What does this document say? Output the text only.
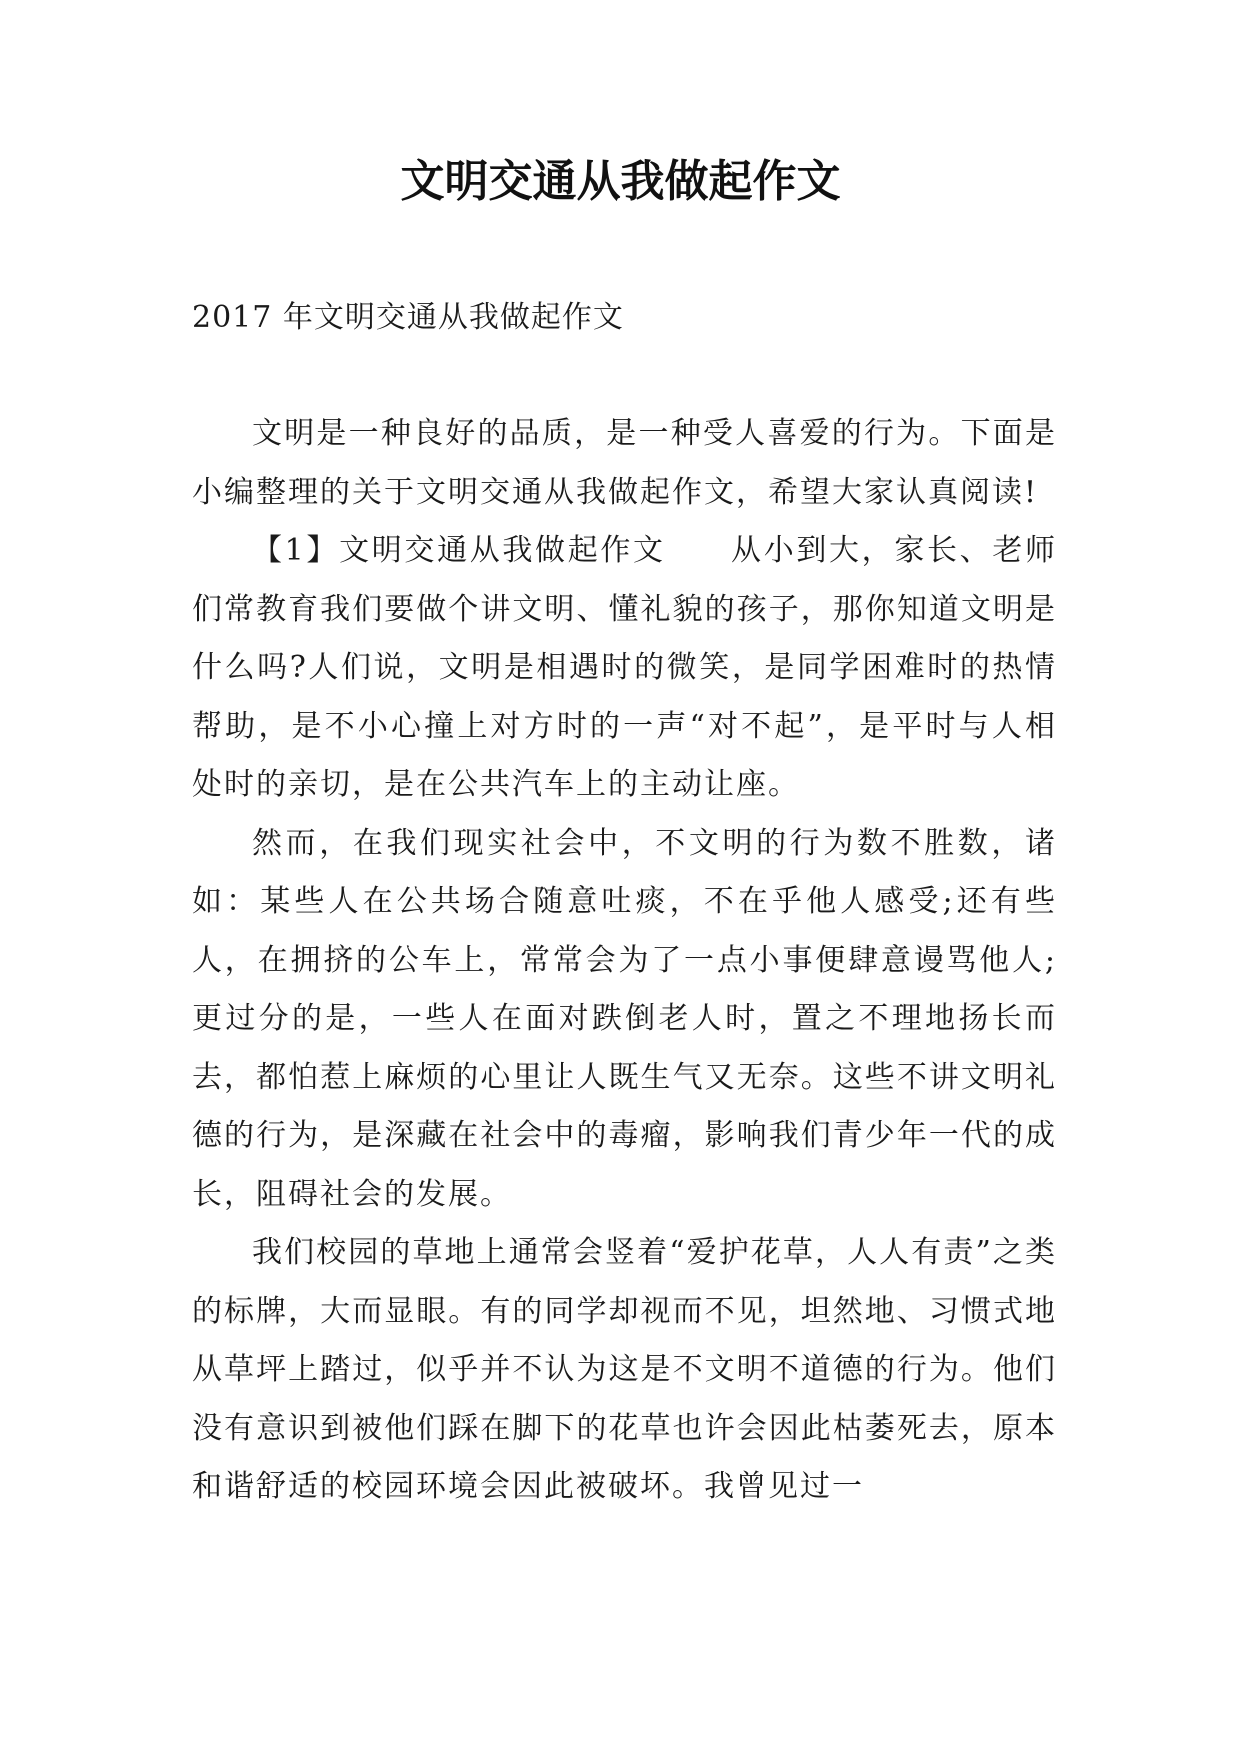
文明交通从我做起作文

2017 年文明交通从我做起作文

文明是一种良好的品质，是一种受人喜爱的行为。下面是小编整理的关于文明交通从我做起作文，希望大家认真阅读!

【1】文明交通从我做起作文　　从小到大，家长、老师们常教育我们要做个讲文明、懂礼貌的孩子，那你知道文明是什么吗?人们说，文明是相遇时的微笑，是同学困难时的热情帮助，是不小心撞上对方时的一声“对不起”，是平时与人相处时的亲切，是在公共汽车上的主动让座。

然而，在我们现实社会中，不文明的行为数不胜数，诸如：某些人在公共场合随意吐痰，不在乎他人感受;还有些人，在拥挤的公车上，常常会为了一点小事便肆意谩骂他人;更过分的是，一些人在面对跌倒老人时，置之不理地扬长而去，都怕惹上麻烦的心里让人既生气又无奈。这些不讲文明礼德的行为，是深藏在社会中的毒瘤，影响我们青少年一代的成长，阻碍社会的发展。

我们校园的草地上通常会竖着“爱护花草，人人有责”之类的标牌，大而显眼。有的同学却视而不见，坦然地、习惯式地从草坪上踏过，似乎并不认为这是不文明不道德的行为。他们没有意识到被他们踩在脚下的花草也许会因此枯萎死去，原本和谐舒适的校园环境会因此被破坏。我曾见过一
